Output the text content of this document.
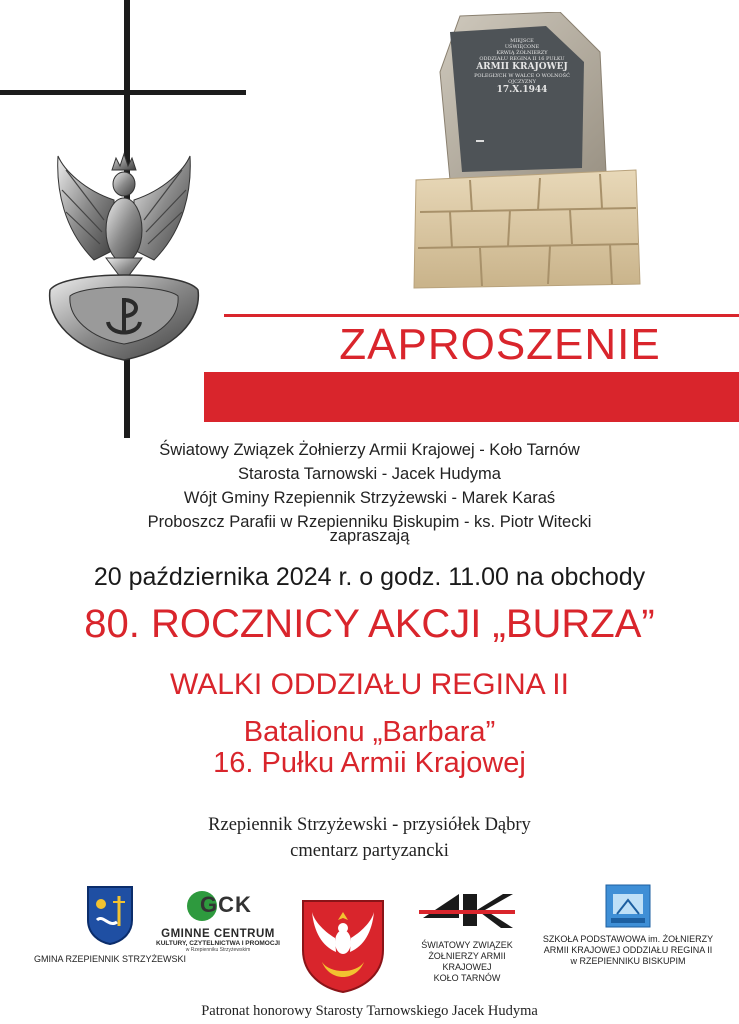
MIEJSCE
UŚWIĘCONE
KRWIĄ ŻOŁNIERZY
ODDZIAŁU REGINA II 16 PUŁKU
ARMII KRAJOWEJ
POLEGŁYCH W WALCE O WOLNOŚĆ
OJCZYZNY
17.X.1944
ZAPROSZENIE
Światowy Związek Żołnierzy Armii Krajowej - Koło Tarnów
Starosta Tarnowski - Jacek Hudyma
Wójt Gminy Rzepiennik Strzyżewski - Marek Karaś
Proboszcz Parafii w Rzepienniku Biskupim - ks. Piotr Witecki
zapraszają
20 października 2024 r. o godz. 11.00 na obchody
80. ROCZNICY AKCJI „BURZA”
WALKI ODDZIAŁU REGINA II
Batalionu „Barbara”
16. Pułku Armii Krajowej
Rzepiennik Strzyżewski - przysiółek Dąbry
cmentarz partyzancki
GMINA RZEPIENNIK STRZYŻEWSKI
GCK
GMINNE CENTRUM
KULTURY, CZYTELNICTWA I PROMOCJI
w Rzepienniku Strzyżewskim	ŚWIATOWY ZWIĄZEK
ŻOŁNIERZY ARMII KRAJOWEJ
KOŁO TARNÓW
SZKOŁA PODSTAWOWA im. ŻOŁNIERZY
ARMII KRAJOWEJ ODDZIAŁU REGINA II
w RZEPIENNIKU BISKUPIM
Patronat honorowy Starosty Tarnowskiego Jacek Hudyma
